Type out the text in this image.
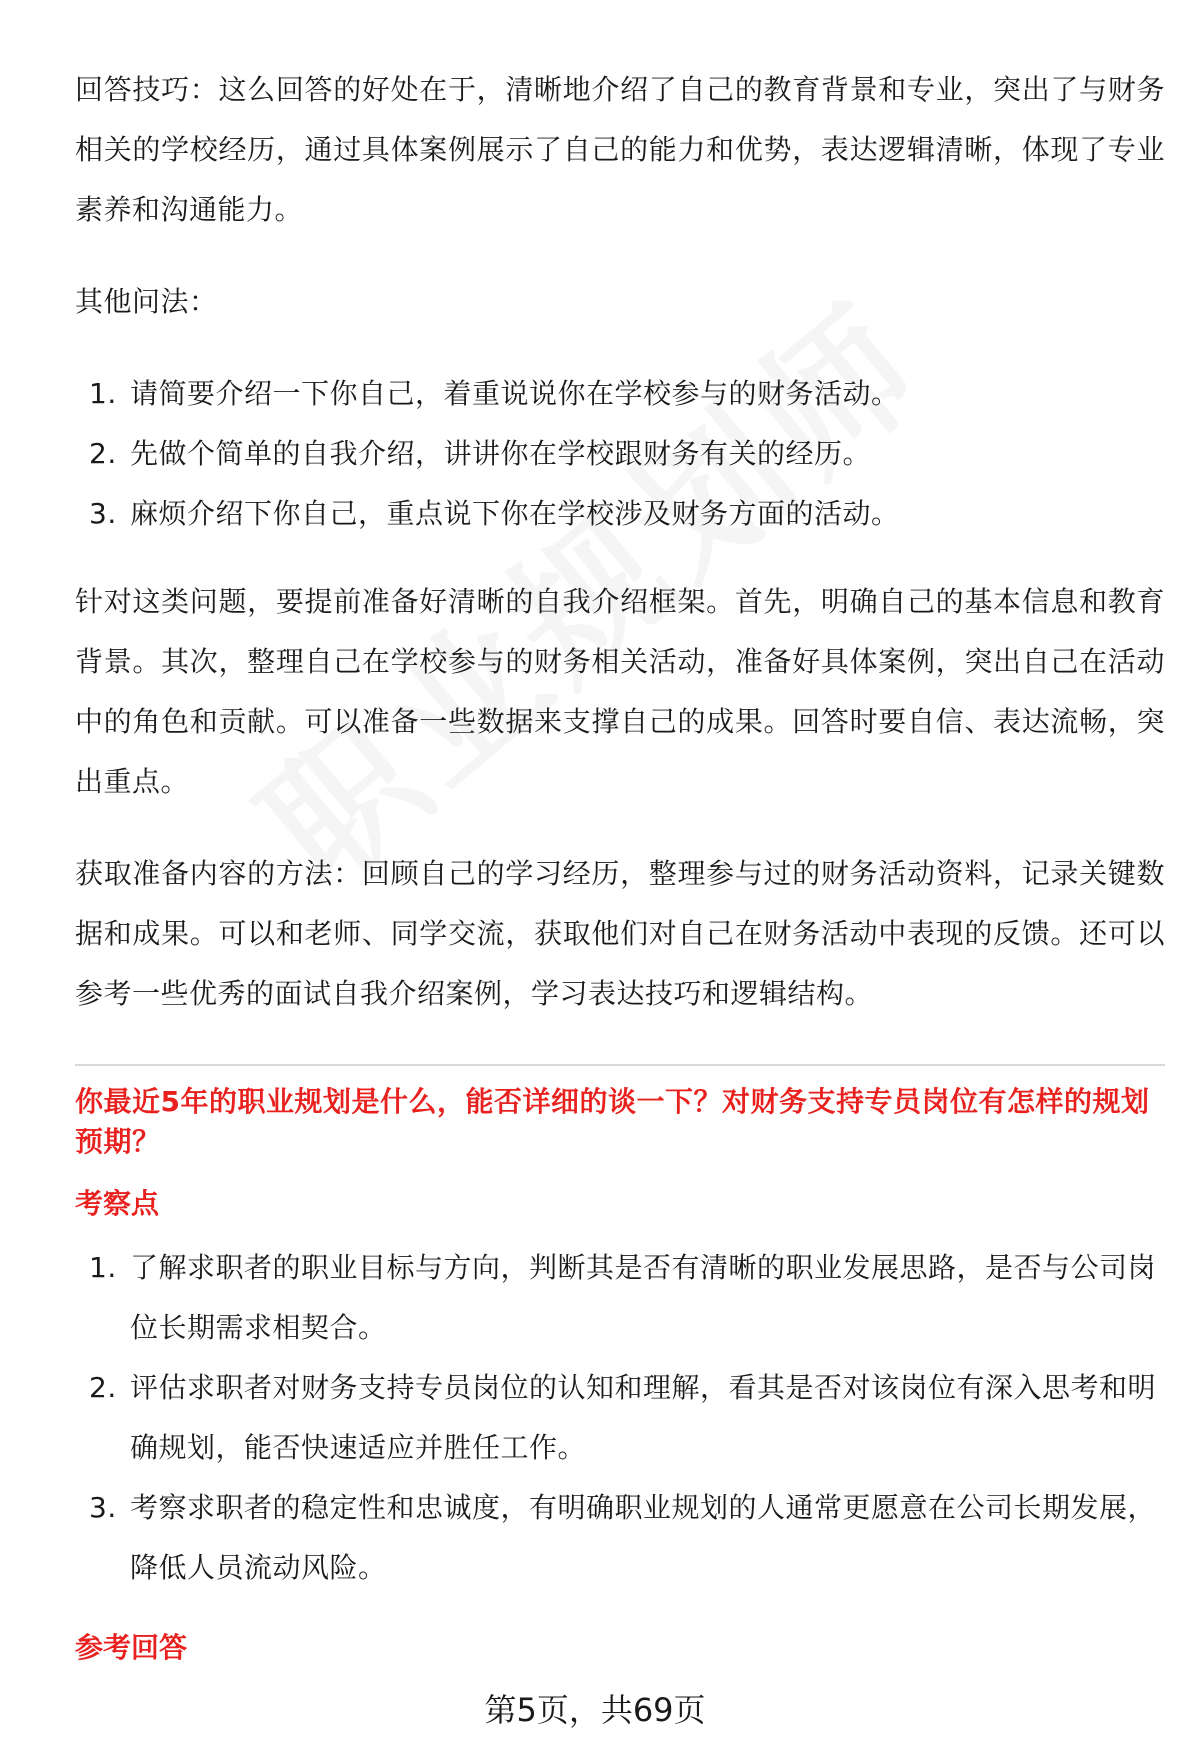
回答技巧：这么回答的好处在于，清晰地介绍了自己的教育背景和专业，突出了与财务相关的学校经历，通过具体案例展示了自己的能力和优势，表达逻辑清晰，体现了专业素养和沟通能力。

其他问法：

1. 请简要介绍一下你自己，着重说说你在学校参与的财务活动。
2. 先做个简单的自我介绍，讲讲你在学校跟财务有关的经历。
3. 麻烦介绍下你自己，重点说下你在学校涉及财务方面的活动。

针对这类问题，要提前准备好清晰的自我介绍框架。首先，明确自己的基本信息和教育背景。其次，整理自己在学校参与的财务相关活动，准备好具体案例，突出自己在活动中的角色和贡献。可以准备一些数据来支撑自己的成果。回答时要自信、表达流畅，突出重点。

获取准备内容的方法：回顾自己的学习经历，整理参与过的财务活动资料，记录关键数据和成果。可以和老师、同学交流，获取他们对自己在财务活动中表现的反馈。还可以参考一些优秀的面试自我介绍案例，学习表达技巧和逻辑结构。

你最近5年的职业规划是什么，能否详细的谈一下？对财务支持专员岗位有怎样的规划预期？

考察点
1. 了解求职者的职业目标与方向，判断其是否有清晰的职业发展思路，是否与公司岗位长期需求相契合。
2. 评估求职者对财务支持专员岗位的认知和理解，看其是否对该岗位有深入思考和明确规划，能否快速适应并胜任工作。
3. 考察求职者的稳定性和忠诚度，有明确职业规划的人通常更愿意在公司长期发展，降低人员流动风险。
参考回答
第5页，共69页
